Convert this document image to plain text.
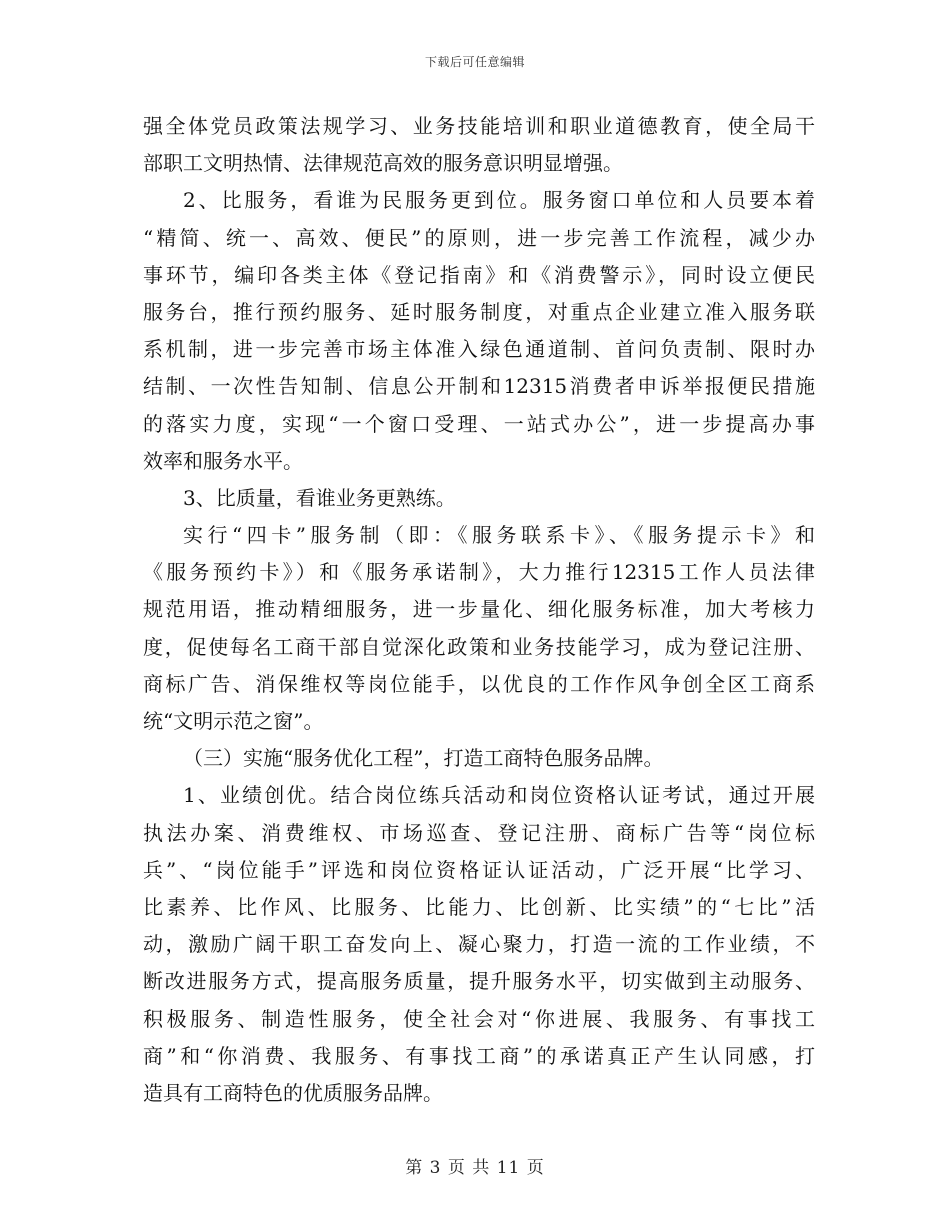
下载后可任意编辑
强全体党员政策法规学习、业务技能培训和职业道德教育，使全局干
部职工文明热情、法律规范高效的服务意识明显增强。
2、比服务，看谁为民服务更到位。服务窗口单位和人员要本着
“精简、统一、高效、便民”的原则，进一步完善工作流程，减少办
事环节，编印各类主体《登记指南》和《消费警示》，同时设立便民
服务台，推行预约服务、延时服务制度，对重点企业建立准入服务联
系机制，进一步完善市场主体准入绿色通道制、首问负责制、限时办
结制、一次性告知制、信息公开制和12315消费者申诉举报便民措施
的落实力度，实现“一个窗口受理、一站式办公”，进一步提高办事
效率和服务水平。
3、比质量，看谁业务更熟练。
实行“四卡”服务制（即：《服务联系卡》、《服务提示卡》和
《服务预约卡》）和《服务承诺制》，大力推行12315工作人员法律
规范用语，推动精细服务，进一步量化、细化服务标准，加大考核力
度，促使每名工商干部自觉深化政策和业务技能学习，成为登记注册、
商标广告、消保维权等岗位能手，以优良的工作作风争创全区工商系
统“文明示范之窗”。
（三）实施“服务优化工程”，打造工商特色服务品牌。
1、业绩创优。结合岗位练兵活动和岗位资格认证考试，通过开展
执法办案、消费维权、市场巡查、登记注册、商标广告等“岗位标
兵”、“岗位能手”评选和岗位资格证认证活动，广泛开展“比学习、
比素养、比作风、比服务、比能力、比创新、比实绩”的“七比”活
动，激励广阔干职工奋发向上、凝心聚力，打造一流的工作业绩，不
断改进服务方式，提高服务质量，提升服务水平，切实做到主动服务、
积极服务、制造性服务，使全社会对“你进展、我服务、有事找工
商”和“你消费、我服务、有事找工商”的承诺真正产生认同感，打
造具有工商特色的优质服务品牌。
第 3 页 共 11 页
